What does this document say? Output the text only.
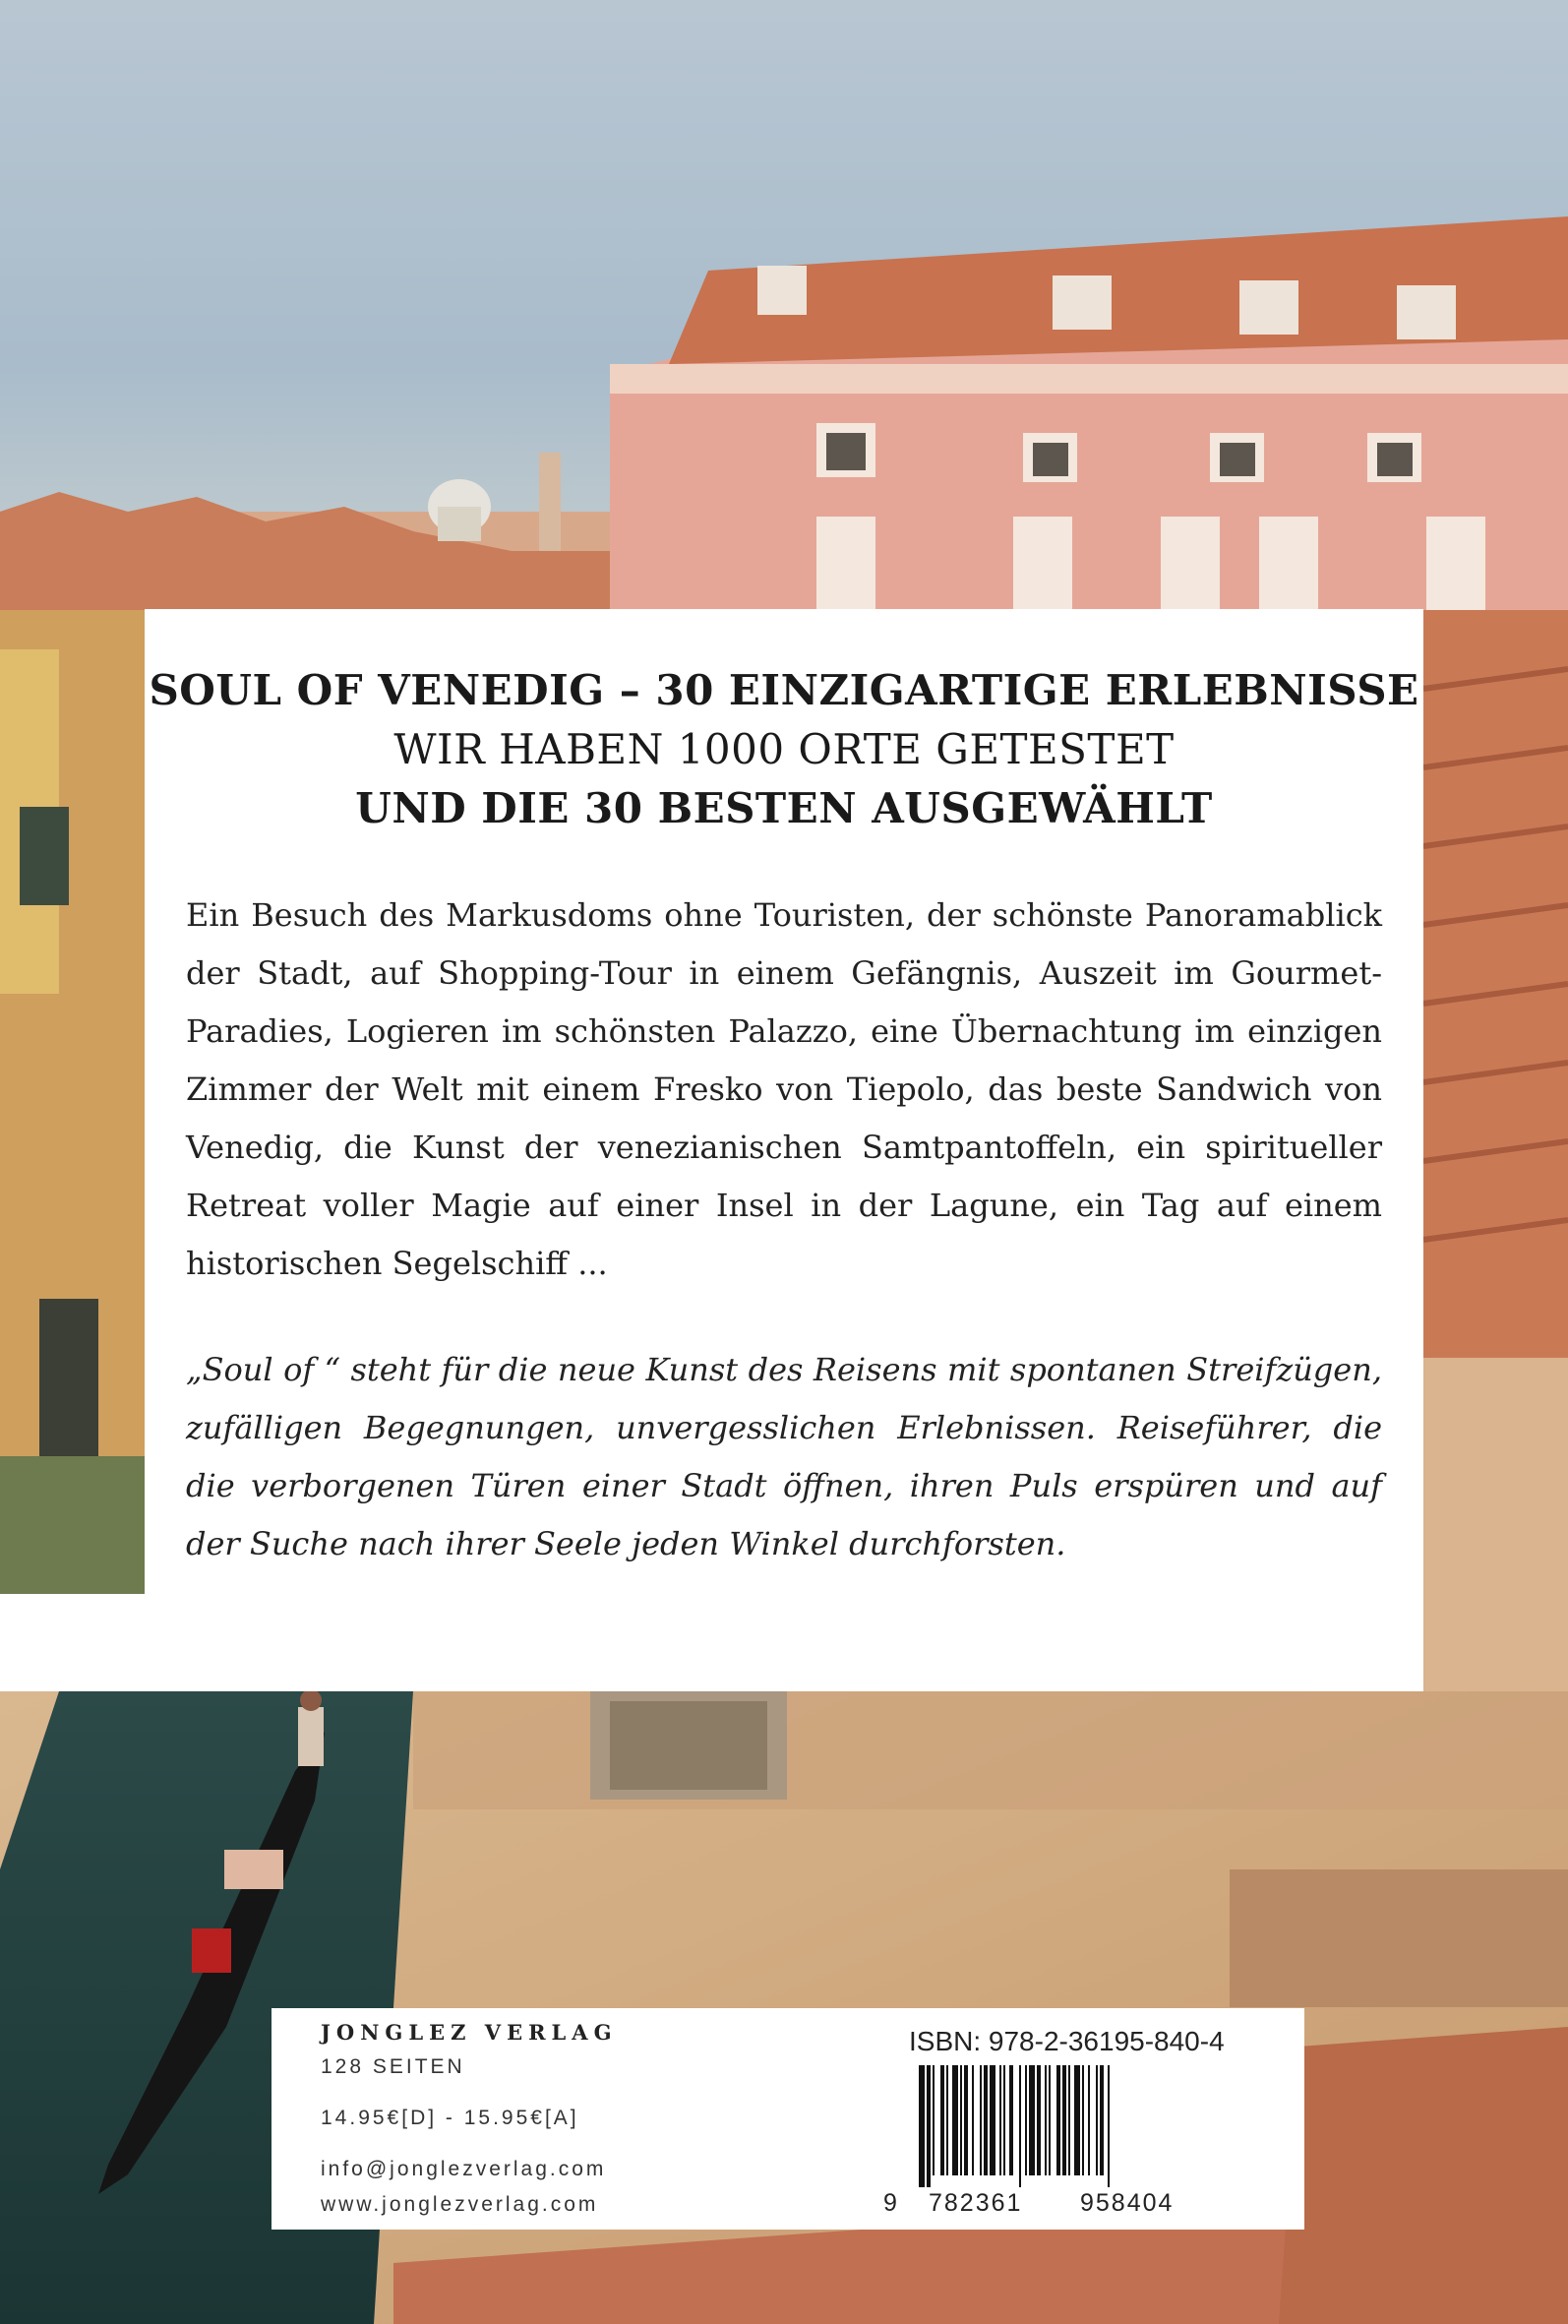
SOUL OF VENEDIG – 30 EINZIGARTIGE ERLEBNISSE
WIR HABEN 1000 ORTE GETESTET
UND DIE 30 BESTEN AUSGEWÄHLT
Ein Besuch des Markusdoms ohne Touristen, der schönste Panoramablick der Stadt, auf Shopping-Tour in einem Gefängnis, Auszeit im Gourmet-Paradies, Logieren im schönsten Palazzo, eine Übernachtung im einzigen Zimmer der Welt mit einem Fresko von Tiepolo, das beste Sandwich von Venedig, die Kunst der venezianischen Samtpantoffeln, ein spiritueller Retreat voller Magie auf einer Insel in der Lagune, ein Tag auf einem historischen Segelschiff ...
„Soul of “ steht für die neue Kunst des Reisens mit spontanen Streifzügen, zufälligen Begegnungen, unvergesslichen Erlebnissen. Reiseführer, die die verborgenen Türen einer Stadt öffnen, ihren Puls erspüren und auf der Suche nach ihrer Seele jeden Winkel durchforsten.
JONGLEZ VERLAG
128 SEITEN
14.95€[D] - 15.95€[A]
info@jonglezverlag.com
www.jonglezverlag.com
ISBN: 978-2-36195-840-4
9 782361 958404
